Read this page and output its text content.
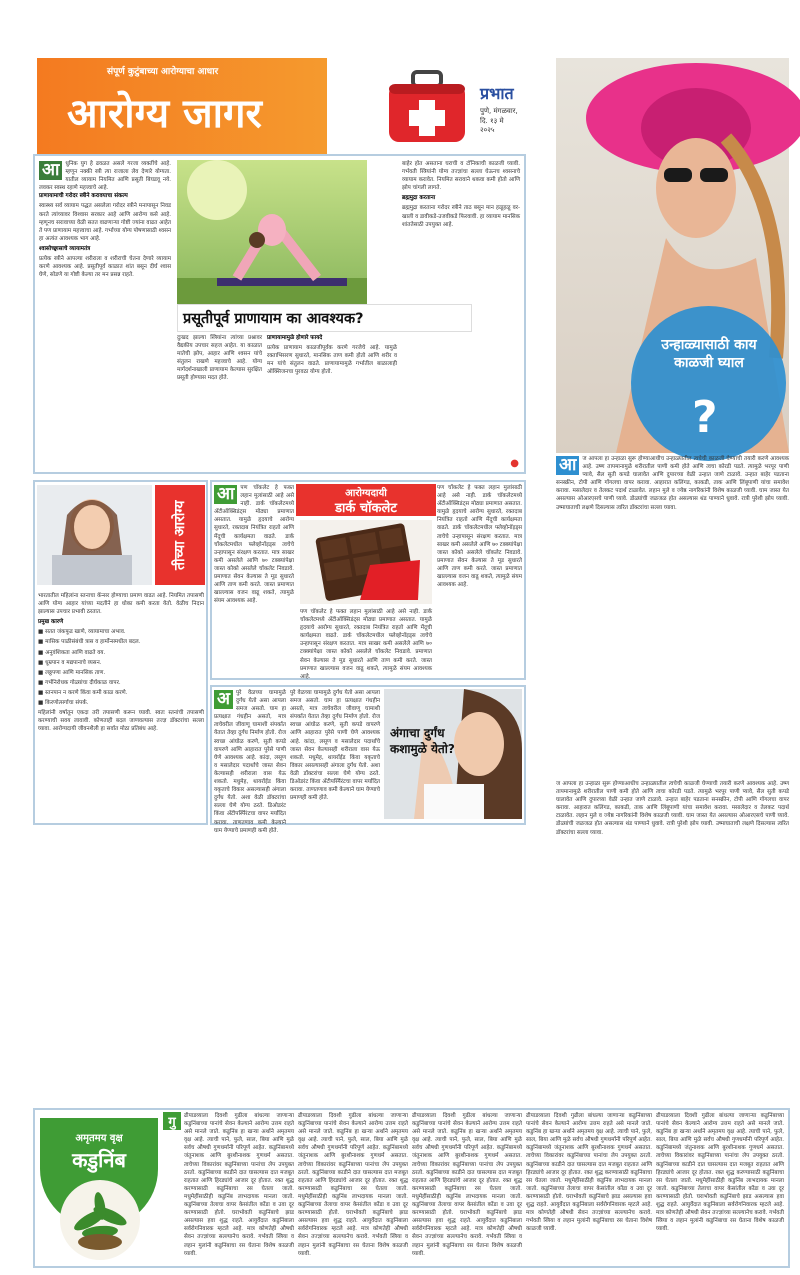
संपूर्ण कुटुंबाच्या आरोग्याचा आधार
आरोग्य जागर	प्रभात
पुणे, मंगळवार,
दि. १३ मे २०२५
आ	धुनिक युग हे ढवळत असले गरजा व्यक्तींचे आहे. म्हणून नक्की स्त्री त्या राजाला लेव देणारे योग्यता. यातील व्यायाम नियमित आणि प्रसूती बिघडवू नये. लवकर स्वस्थ रहाणे महत्त्वाचे आहे.

प्राणायामाची गरोदर स्त्रीने करावयाचा संकल्प

स्वास्थ्य सर्व व्यायाम पद्धत असलेला गरोदर स्त्रीने मनापासून निवड करते त्यांच्यावर विश्वास सरकार आहे आणि आरोग्य कसे आहे. म्हणूनच सरावाच्या वेळी सतत वाढणाऱ्या गोष्टी ज्यांना वाढत आहेत ते पण प्राणायाम महत्त्वाचा आहे. गर्भाच्या योग्य पोषणासाठी श्वसन हा अत्यंत आवश्यक भाग आहे.

श्वासोच्छ्वासाचे व्यायामतंत्र

प्रत्येक स्त्रीने आपल्या शरीराला व शरीराची चेतना देणारे व्यायाम करणे आवश्यक आहे. प्रसूतीपूर्व काळात शांत बसून दीर्घ श्वास घेणे, सोडणे या गोष्टी केल्या तर मन प्रसन्न राहते.

प्रसूतीपूर्व प्राणायाम का आवश्यक?

दुःखद झाल्या स्त्रियांना त्यांच्या प्रश्नावर वैद्यकीय उपचार सहज आहेत. या काळात मातेची झोप, आहार आणि श्वसन यांचे संतुलन राखणे महत्त्वाचे आहे. योग्य मार्गदर्शनाखाली प्राणायाम केल्यास सुरक्षित प्रसूती होण्यास मदत होते.

प्राणायामामुळे होणारे फायदे

प्रत्येक प्राणायाम काळजीपूर्वक करणे गरजेचे आहे. यामुळे रक्ताभिसरण सुधारते, मानसिक ताण कमी होतो आणि शरीर व मन यांचे संतुलन वाढते. प्राणायामामुळे गर्भातील बाळालाही ऑक्सिजनचा पुरवठा योग्य होतो.

बाहेर होत असताना घराची व टॉनिकाची काळजी घ्यावी. गर्भवती स्त्रियांनी योग्य तज्ज्ञांचा सल्ला घेऊनच श्वसनाचे व्यायाम करावेत. नियमित सरावाने थकवा कमी होतो आणि झोप चांगली लागते.

ब्रह्ममुद्रा करताना

ब्रह्ममुद्रा करताना गरोदर स्त्रीने ताठ बसून मान हळूहळू वर-खाली व डावीकडे-उजवीकडे फिरवावी. हा व्यायाम मानसिक शांततेसाठी उपयुक्त आहे.

●
उन्हाळ्यासाठी काय काळजी घ्याल
?
आ	ज आपला हा उन्हाळा सुरू होण्याआधीच उन्हाळ्यातील त्वचेची काळजी घेण्याची तयारी करणे आवश्यक आहे. उष्ण तापमानामुळे शरीरातील पाणी कमी होते आणि त्वचा कोरडी पडते. त्यामुळे भरपूर पाणी प्यावे, सैल सुती कपडे घालावेत आणि दुपारच्या वेळी उन्हात जाणे टाळावे. उन्हात बाहेर पडताना सनस्क्रीन, टोपी आणि गॉगलचा वापर करावा. आहारात कलिंगड, काकडी, ताक आणि लिंबूपाणी यांचा समावेश करावा. मसालेदार व तेलकट पदार्थ टाळावेत. लहान मुले व ज्येष्ठ नागरिकांनी विशेष काळजी घ्यावी. घाम जास्त येत असल्यास ओआरएसचे पाणी घ्यावे. डोळ्यांची जळजळ होत असल्यास थंड पाण्याने धुवावे. रात्री पुरेशी झोप घ्यावी. उष्माघाताची लक्षणे दिसल्यास त्वरित डॉक्टरांचा सल्ला घ्यावा.

ज आपला हा उन्हाळा सुरू होण्याआधीच उन्हाळ्यातील त्वचेची काळजी घेण्याची तयारी करणे आवश्यक आहे. उष्ण तापमानामुळे शरीरातील पाणी कमी होते आणि त्वचा कोरडी पडते. त्यामुळे भरपूर पाणी प्यावे, सैल सुती कपडे घालावेत आणि दुपारच्या वेळी उन्हात जाणे टाळावे. उन्हात बाहेर पडताना सनस्क्रीन, टोपी आणि गॉगलचा वापर करावा. आहारात कलिंगड, काकडी, ताक आणि लिंबूपाणी यांचा समावेश करावा. मसालेदार व तेलकट पदार्थ टाळावेत. लहान मुले व ज्येष्ठ नागरिकांनी विशेष काळजी घ्यावी. घाम जास्त येत असल्यास ओआरएसचे पाणी घ्यावे. डोळ्यांची जळजळ होत असल्यास थंड पाण्याने धुवावे. रात्री पुरेशी झोप घ्यावी. उष्माघाताची लक्षणे दिसल्यास त्वरित डॉक्टरांचा सल्ला घ्यावा.

तीच्या आरोग्य

भारतातील महिलांना स्तनाचा कॅन्सर होण्याचा प्रमाण वाढत आहे. नियमित तपासणी आणि योग्य आहार यांच्या मदतीने हा धोका कमी करता येतो. वेळीच निदान झाल्यास उपचार प्रभावी ठरतात.

प्रमुख कारणे

■ सतत जंकफूड खाणे, व्यायामाचा अभाव.

■ मासिक पाळीसंबंधी त्रास व हार्मोन्समधील बदल.

■ अनुवंशिकता आणि वाढते वय.

■ धूम्रपान व मद्यपानाचे व्यसन.

■ लठ्ठपणा आणि मानसिक ताण.

■ गर्भनिरोधक गोळ्यांचा दीर्घकाळ वापर.

■ स्तनपान न करणे किंवा कमी काळ करणे.

■ किरणोत्सर्गाचा संपर्क.

महिलांनी वर्षातून एकदा तरी तपासणी करून घ्यावी. स्वतः स्तनांची तपासणी करण्याची सवय लावावी. कोणताही बदल जाणवल्यास तज्ज्ञ डॉक्टरांचा सल्ला घ्यावा. आरोग्यदायी जीवनशैली हा सर्वात मोठा प्रतिबंध आहे.

आ	पण चॉकलेट हे फक्त लहान मुलांसाठी आहे असे नाही. डार्क चॉकलेटमध्ये अँटीऑक्सिडंट्स मोठ्या प्रमाणात असतात. यामुळे हृदयाचे आरोग्य सुधारते, रक्तदाब नियंत्रित राहतो आणि मेंदूची कार्यक्षमता वाढते. डार्क चॉकलेटमधील फ्लेव्होनॉइड्स त्वचेचे उन्हापासून संरक्षण करतात. मात्र साखर कमी असलेले आणि ७० टक्क्यांपेक्षा जास्त कोको असलेले चॉकलेट निवडावे. प्रमाणात सेवन केल्यास ते मूड सुधारते आणि ताण कमी करते. जास्त प्रमाणात खाल्ल्यास वजन वाढू शकते, त्यामुळे संयम आवश्यक आहे.
आरोग्यदायी
डार्क चॉकलेट

पण चॉकलेट हे फक्त लहान मुलांसाठी आहे असे नाही. डार्क चॉकलेटमध्ये अँटीऑक्सिडंट्स मोठ्या प्रमाणात असतात. यामुळे हृदयाचे आरोग्य सुधारते, रक्तदाब नियंत्रित राहतो आणि मेंदूची कार्यक्षमता वाढते. डार्क चॉकलेटमधील फ्लेव्होनॉइड्स त्वचेचे उन्हापासून संरक्षण करतात. मात्र साखर कमी असलेले आणि ७० टक्क्यांपेक्षा जास्त कोको असलेले चॉकलेट निवडावे. प्रमाणात सेवन केल्यास ते मूड सुधारते आणि ताण कमी करते. जास्त प्रमाणात खाल्ल्यास वजन वाढू शकते, त्यामुळे संयम आवश्यक आहे.

पण चॉकलेट हे फक्त लहान मुलांसाठी आहे असे नाही. डार्क चॉकलेटमध्ये अँटीऑक्सिडंट्स मोठ्या प्रमाणात असतात. यामुळे हृदयाचे आरोग्य सुधारते, रक्तदाब नियंत्रित राहतो आणि मेंदूची कार्यक्षमता वाढते. डार्क चॉकलेटमधील फ्लेव्होनॉइड्स त्वचेचे उन्हापासून संरक्षण करतात. मात्र साखर कमी असलेले आणि ७० टक्क्यांपेक्षा जास्त कोको असलेले चॉकलेट निवडावे. प्रमाणात सेवन केल्यास ते मूड सुधारते आणि ताण कमी करते. जास्त प्रमाणात खाल्ल्यास वजन वाढू शकते, त्यामुळे संयम आवश्यक आहे.

अ	पुरे वेळच्या घामामुळे दुर्गंध येतो असा आपला समज असतो. घाम हा प्रत्यक्षात गंधहीन असतो, मात्र त्वचेवरील जीवाणू घामाशी संपर्कात येतात तेव्हा दुर्गंध निर्माण होतो. रोज स्वच्छ आंघोळ करणे, सुती कपडे वापरणे आणि आहारात पुरेसे पाणी घेणे आवश्यक आहे. कांदा, लसूण व मसालेदार पदार्थांचे जास्त सेवन केल्यासही शरीराला वास येऊ शकतो. मधुमेह, थायरॉईड किंवा यकृताचे विकार असल्यासही अंगाला दुर्गंध येतो. अशा वेळी डॉक्टरांचा सल्ला घेणे योग्य ठरते. डिओडरंट किंवा अँटीपर्स्पिरंटचा वापर मर्यादित करावा. ताणतणाव कमी केल्याने घाम येण्याचे प्रमाणही कमी होते.

पुरे वेळच्या घामामुळे दुर्गंध येतो असा आपला समज असतो. घाम हा प्रत्यक्षात गंधहीन असतो, मात्र त्वचेवरील जीवाणू घामाशी संपर्कात येतात तेव्हा दुर्गंध निर्माण होतो. रोज स्वच्छ आंघोळ करणे, सुती कपडे वापरणे आणि आहारात पुरेसे पाणी घेणे आवश्यक आहे. कांदा, लसूण व मसालेदार पदार्थांचे जास्त सेवन केल्यासही शरीराला वास येऊ शकतो. मधुमेह, थायरॉईड किंवा यकृताचे विकार असल्यासही अंगाला दुर्गंध येतो. अशा वेळी डॉक्टरांचा सल्ला घेणे योग्य ठरते. डिओडरंट किंवा अँटीपर्स्पिरंटचा वापर मर्यादित करावा. ताणतणाव कमी केल्याने घाम येण्याचे प्रमाणही कमी होते.

अंगाचा दुर्गंध कशामुळे येतो?
गु
अमृतमय वृक्ष
कडुनिंब

ढीपाडव्याला दिवशी गुढीला बांधल्या जाणाऱ्या कडुनिंबाच्या पानांचे सेवन केल्याने आरोग्य उत्तम राहते असे मानले जाते. कडुनिंब हा खऱ्या अर्थाने अमृतमय वृक्ष आहे. त्याची पाने, फुले, साल, बिया आणि मुळे सर्वच औषधी गुणधर्मांनी परिपूर्ण आहेत. कडुनिंबामध्ये जंतुनाशक आणि बुरशीनाशक गुणधर्म असतात. त्वचेच्या विकारांवर कडुनिंबाच्या पानांचा लेप उपयुक्त ठरतो. कडुनिंबाच्या काडीने दात घासल्यास दात मजबूत राहतात आणि हिरड्यांचे आजार दूर होतात. रक्त शुद्ध करण्यासाठी कडुनिंबाचा रस घेतला जातो. मधुमेहींसाठीही कडुनिंब लाभदायक मानला जातो. कडुनिंबाच्या तेलाचा वापर केसांतील कोंडा व उवा दूर करण्यासाठी होतो. घराभोवती कडुनिंबाचे झाड असल्यास हवा शुद्ध राहते. आयुर्वेदात कडुनिंबाला सर्वरोगनिवारक म्हटले आहे. मात्र कोणतेही औषधी सेवन तज्ज्ञांच्या सल्ल्यानेच करावे. गर्भवती स्त्रिया व लहान मुलांनी कडुनिंबाचा रस घेताना विशेष काळजी घ्यावी.

ढीपाडव्याला दिवशी गुढीला बांधल्या जाणाऱ्या कडुनिंबाच्या पानांचे सेवन केल्याने आरोग्य उत्तम राहते असे मानले जाते. कडुनिंब हा खऱ्या अर्थाने अमृतमय वृक्ष आहे. त्याची पाने, फुले, साल, बिया आणि मुळे सर्वच औषधी गुणधर्मांनी परिपूर्ण आहेत. कडुनिंबामध्ये जंतुनाशक आणि बुरशीनाशक गुणधर्म असतात. त्वचेच्या विकारांवर कडुनिंबाच्या पानांचा लेप उपयुक्त ठरतो. कडुनिंबाच्या काडीने दात घासल्यास दात मजबूत राहतात आणि हिरड्यांचे आजार दूर होतात. रक्त शुद्ध करण्यासाठी कडुनिंबाचा रस घेतला जातो. मधुमेहींसाठीही कडुनिंब लाभदायक मानला जातो. कडुनिंबाच्या तेलाचा वापर केसांतील कोंडा व उवा दूर करण्यासाठी होतो. घराभोवती कडुनिंबाचे झाड असल्यास हवा शुद्ध राहते. आयुर्वेदात कडुनिंबाला सर्वरोगनिवारक म्हटले आहे. मात्र कोणतेही औषधी सेवन तज्ज्ञांच्या सल्ल्यानेच करावे. गर्भवती स्त्रिया व लहान मुलांनी कडुनिंबाचा रस घेताना विशेष काळजी घ्यावी.

ढीपाडव्याला दिवशी गुढीला बांधल्या जाणाऱ्या कडुनिंबाच्या पानांचे सेवन केल्याने आरोग्य उत्तम राहते असे मानले जाते. कडुनिंब हा खऱ्या अर्थाने अमृतमय वृक्ष आहे. त्याची पाने, फुले, साल, बिया आणि मुळे सर्वच औषधी गुणधर्मांनी परिपूर्ण आहेत. कडुनिंबामध्ये जंतुनाशक आणि बुरशीनाशक गुणधर्म असतात. त्वचेच्या विकारांवर कडुनिंबाच्या पानांचा लेप उपयुक्त ठरतो. कडुनिंबाच्या काडीने दात घासल्यास दात मजबूत राहतात आणि हिरड्यांचे आजार दूर होतात. रक्त शुद्ध करण्यासाठी कडुनिंबाचा रस घेतला जातो. मधुमेहींसाठीही कडुनिंब लाभदायक मानला जातो. कडुनिंबाच्या तेलाचा वापर केसांतील कोंडा व उवा दूर करण्यासाठी होतो. घराभोवती कडुनिंबाचे झाड असल्यास हवा शुद्ध राहते. आयुर्वेदात कडुनिंबाला सर्वरोगनिवारक म्हटले आहे. मात्र कोणतेही औषधी सेवन तज्ज्ञांच्या सल्ल्यानेच करावे. गर्भवती स्त्रिया व लहान मुलांनी कडुनिंबाचा रस घेताना विशेष काळजी घ्यावी.

ढीपाडव्याला दिवशी गुढीला बांधल्या जाणाऱ्या कडुनिंबाच्या पानांचे सेवन केल्याने आरोग्य उत्तम राहते असे मानले जाते. कडुनिंब हा खऱ्या अर्थाने अमृतमय वृक्ष आहे. त्याची पाने, फुले, साल, बिया आणि मुळे सर्वच औषधी गुणधर्मांनी परिपूर्ण आहेत. कडुनिंबामध्ये जंतुनाशक आणि बुरशीनाशक गुणधर्म असतात. त्वचेच्या विकारांवर कडुनिंबाच्या पानांचा लेप उपयुक्त ठरतो. कडुनिंबाच्या काडीने दात घासल्यास दात मजबूत राहतात आणि हिरड्यांचे आजार दूर होतात. रक्त शुद्ध करण्यासाठी कडुनिंबाचा रस घेतला जातो. मधुमेहींसाठीही कडुनिंब लाभदायक मानला जातो. कडुनिंबाच्या तेलाचा वापर केसांतील कोंडा व उवा दूर करण्यासाठी होतो. घराभोवती कडुनिंबाचे झाड असल्यास हवा शुद्ध राहते. आयुर्वेदात कडुनिंबाला सर्वरोगनिवारक म्हटले आहे. मात्र कोणतेही औषधी सेवन तज्ज्ञांच्या सल्ल्यानेच करावे. गर्भवती स्त्रिया व लहान मुलांनी कडुनिंबाचा रस घेताना विशेष काळजी घ्यावी.

ढीपाडव्याला दिवशी गुढीला बांधल्या जाणाऱ्या कडुनिंबाच्या पानांचे सेवन केल्याने आरोग्य उत्तम राहते असे मानले जाते. कडुनिंब हा खऱ्या अर्थाने अमृतमय वृक्ष आहे. त्याची पाने, फुले, साल, बिया आणि मुळे सर्वच औषधी गुणधर्मांनी परिपूर्ण आहेत. कडुनिंबामध्ये जंतुनाशक आणि बुरशीनाशक गुणधर्म असतात. त्वचेच्या विकारांवर कडुनिंबाच्या पानांचा लेप उपयुक्त ठरतो. कडुनिंबाच्या काडीने दात घासल्यास दात मजबूत राहतात आणि हिरड्यांचे आजार दूर होतात. रक्त शुद्ध करण्यासाठी कडुनिंबाचा रस घेतला जातो. मधुमेहींसाठीही कडुनिंब लाभदायक मानला जातो. कडुनिंबाच्या तेलाचा वापर केसांतील कोंडा व उवा दूर करण्यासाठी होतो. घराभोवती कडुनिंबाचे झाड असल्यास हवा शुद्ध राहते. आयुर्वेदात कडुनिंबाला सर्वरोगनिवारक म्हटले आहे. मात्र कोणतेही औषधी सेवन तज्ज्ञांच्या सल्ल्यानेच करावे. गर्भवती स्त्रिया व लहान मुलांनी कडुनिंबाचा रस घेताना विशेष काळजी घ्यावी.
